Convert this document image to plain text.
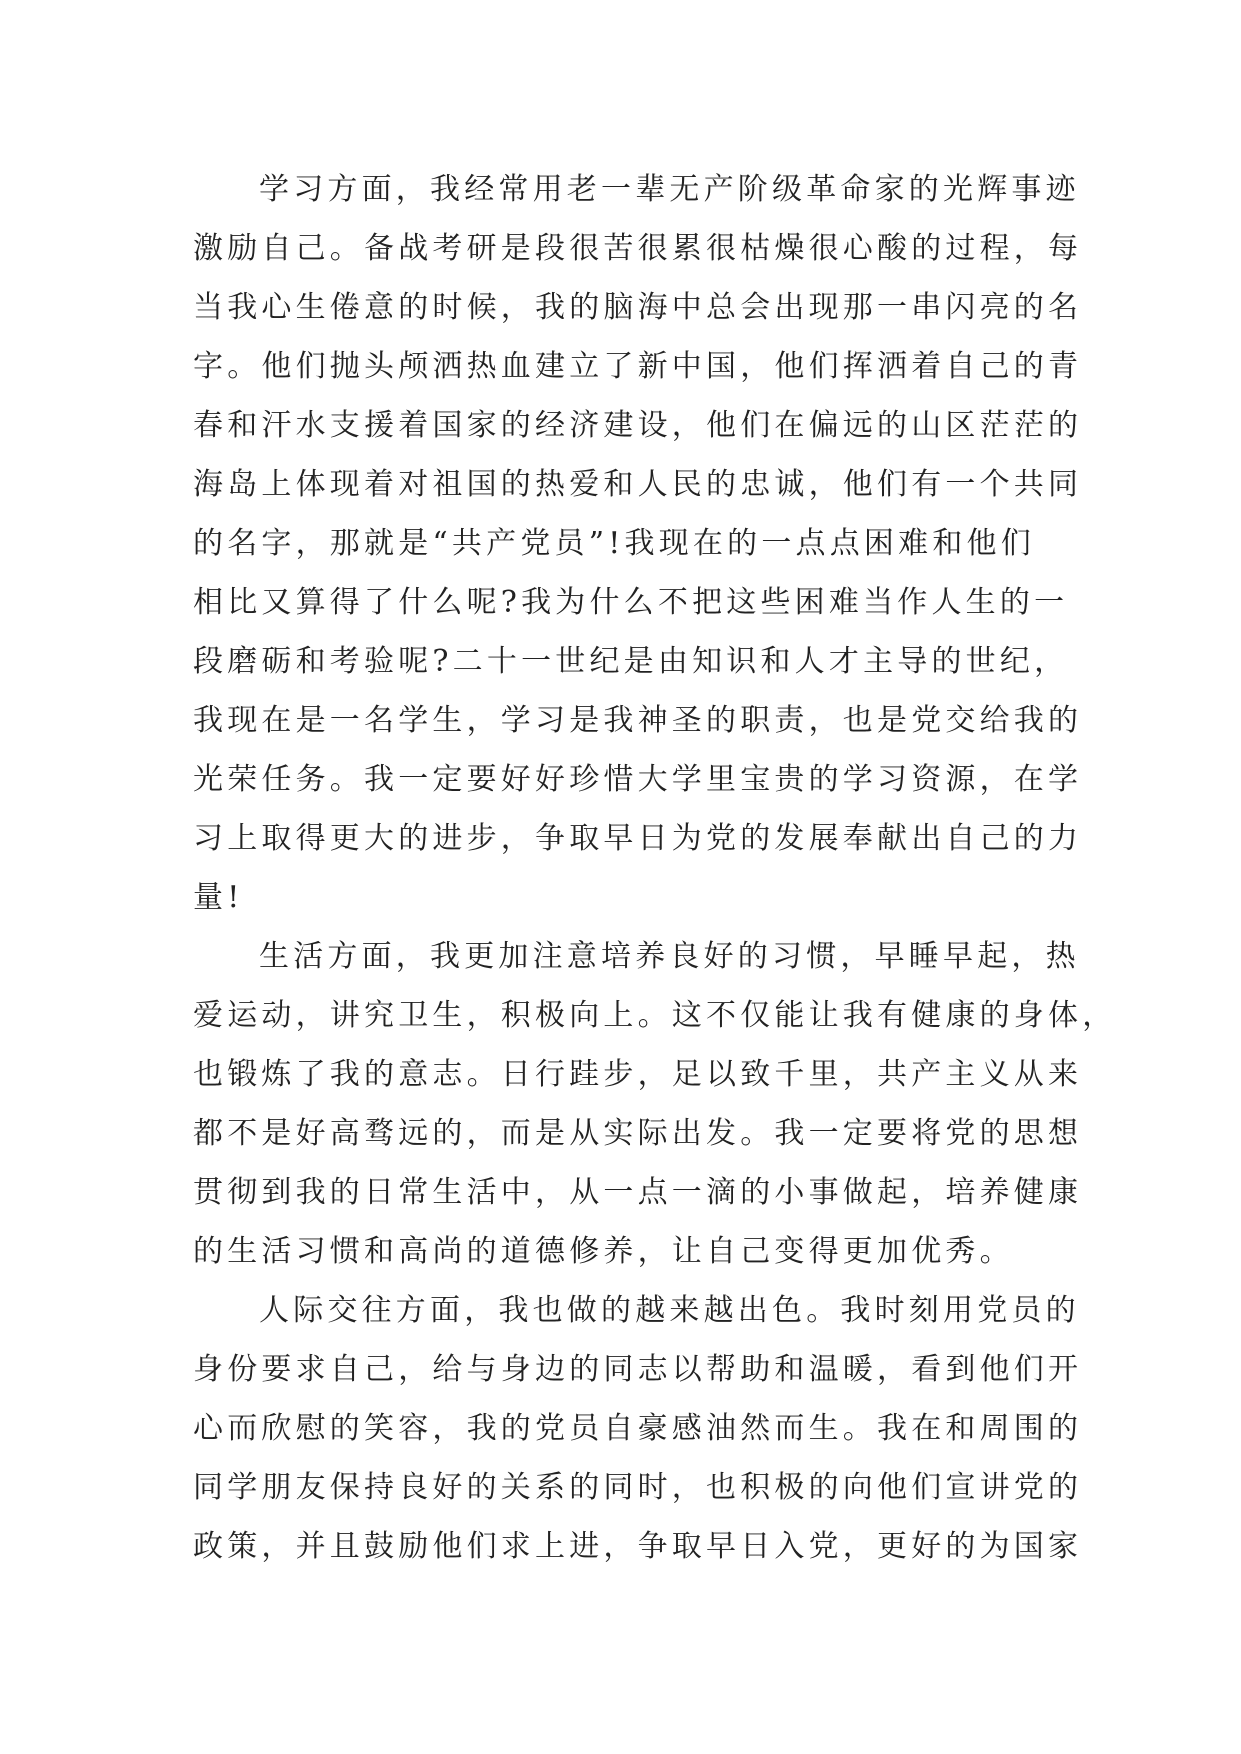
学习方面，我经常用老一辈无产阶级革命家的光辉事迹
激励自己。备战考研是段很苦很累很枯燥很心酸的过程，每
当我心生倦意的时候，我的脑海中总会出现那一串闪亮的名
字。他们抛头颅洒热血建立了新中国，他们挥洒着自己的青
春和汗水支援着国家的经济建设，他们在偏远的山区茫茫的
海岛上体现着对祖国的热爱和人民的忠诚，他们有一个共同
的名字，那就是“共产党员”!我现在的一点点困难和他们
相比又算得了什么呢?我为什么不把这些困难当作人生的一
段磨砺和考验呢?二十一世纪是由知识和人才主导的世纪，
我现在是一名学生，学习是我神圣的职责，也是党交给我的
光荣任务。我一定要好好珍惜大学里宝贵的学习资源，在学
习上取得更大的进步，争取早日为党的发展奉献出自己的力
量!
生活方面，我更加注意培养良好的习惯，早睡早起，热
爱运动，讲究卫生，积极向上。这不仅能让我有健康的身体，
也锻炼了我的意志。日行跬步，足以致千里，共产主义从来
都不是好高骛远的，而是从实际出发。我一定要将党的思想
贯彻到我的日常生活中，从一点一滴的小事做起，培养健康
的生活习惯和高尚的道德修养，让自己变得更加优秀。
人际交往方面，我也做的越来越出色。我时刻用党员的
身份要求自己，给与身边的同志以帮助和温暖，看到他们开
心而欣慰的笑容，我的党员自豪感油然而生。我在和周围的
同学朋友保持良好的关系的同时，也积极的向他们宣讲党的
政策，并且鼓励他们求上进，争取早日入党，更好的为国家
